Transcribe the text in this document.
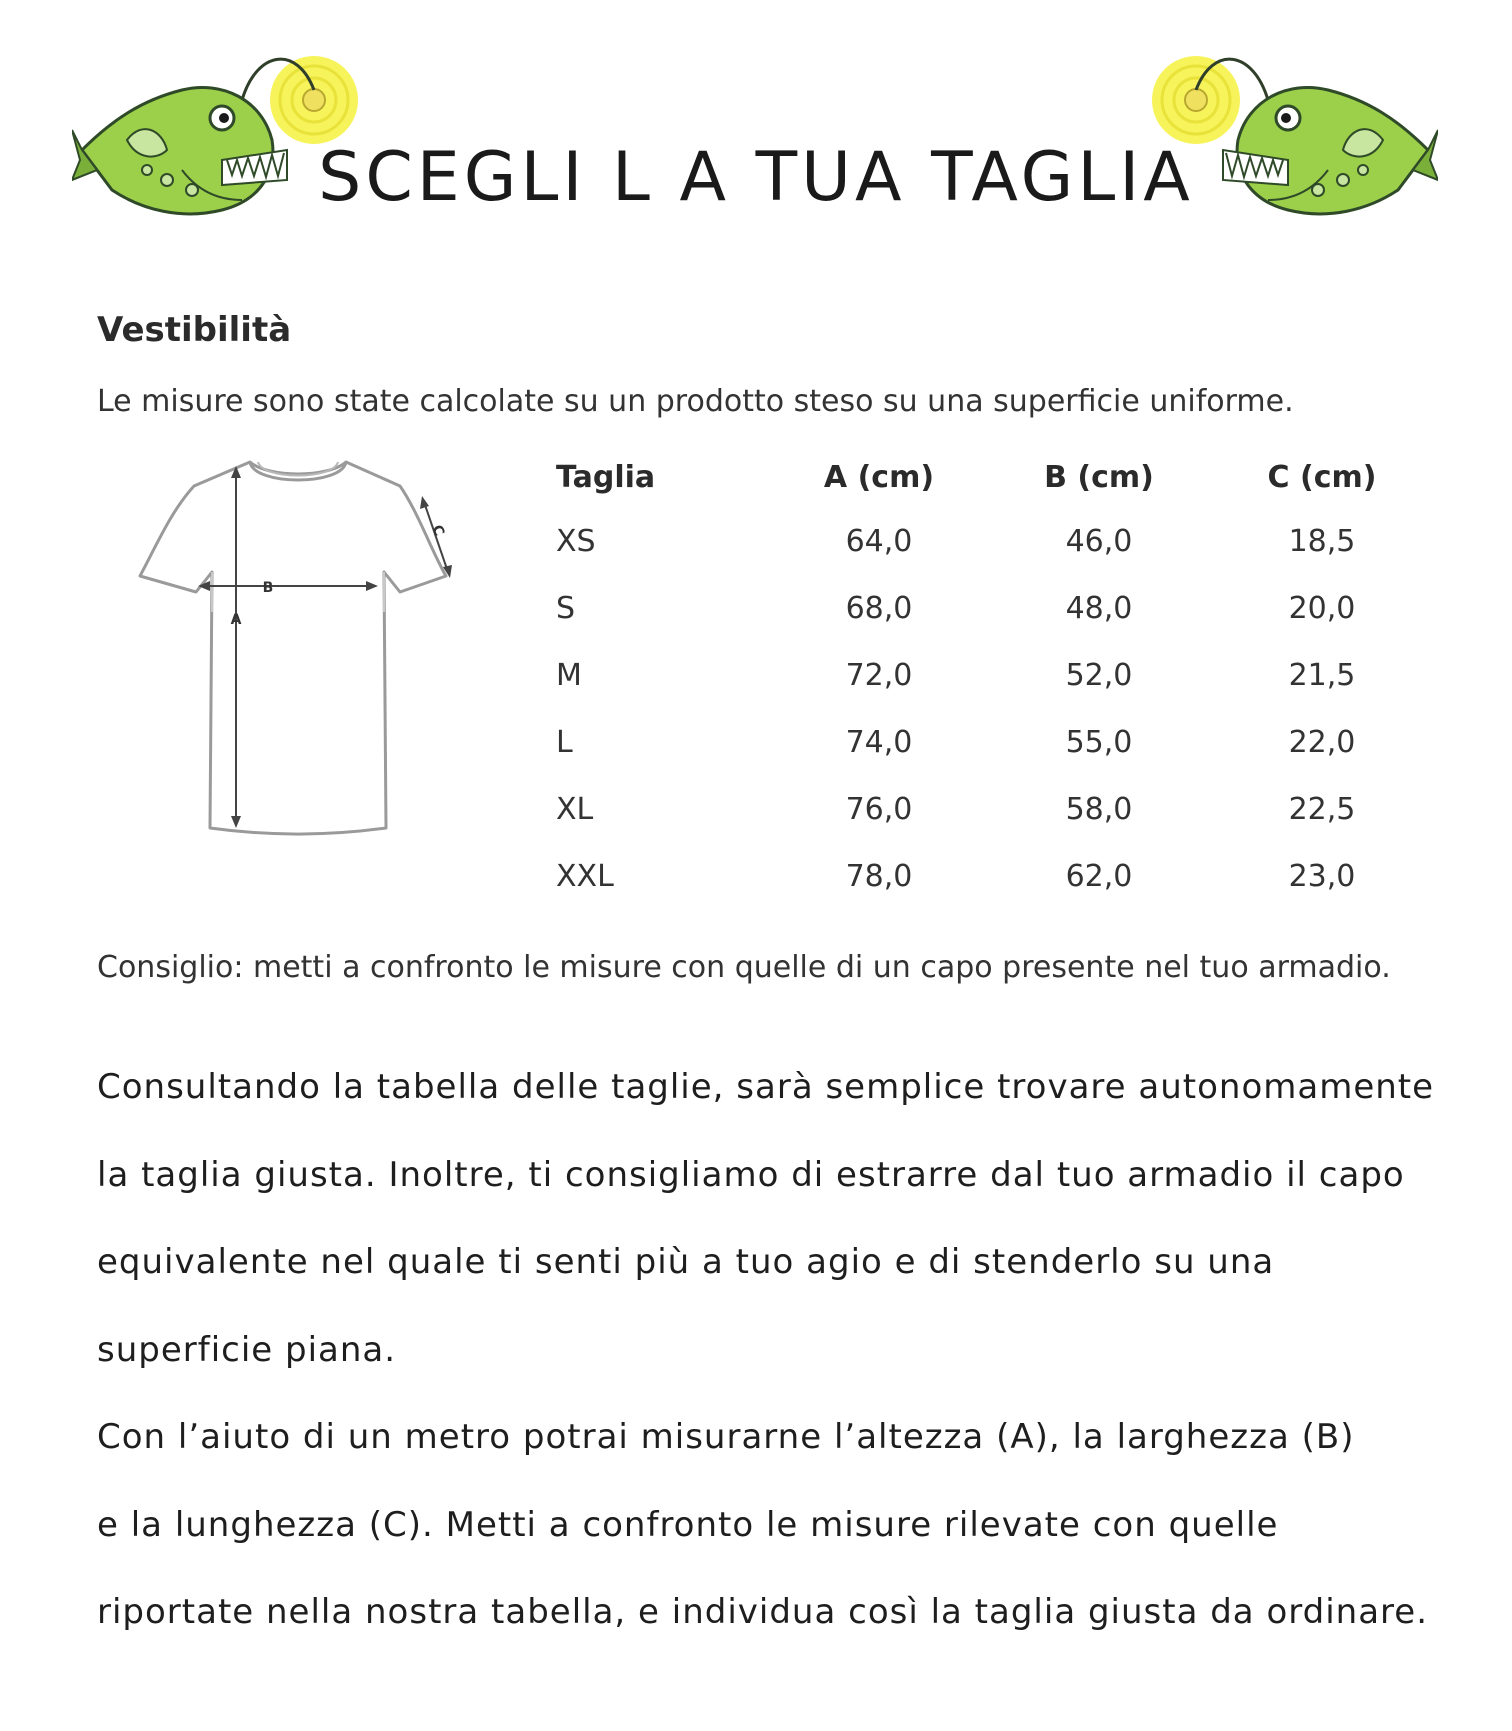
SCEGLI L A TUA TAGLIA
Vestibilità
Le misure sono state calcolate su un prodotto steso su una superficie uniforme.
A
B
C
Taglia	A (cm)	B (cm)	C (cm)
XS	64,0	46,0	18,5
S	68,0	48,0	20,0
M	72,0	52,0	21,5
L	74,0	55,0	22,0
XL	76,0	58,0	22,5
XXL	78,0	62,0	23,0
Consiglio: metti a confronto le misure con quelle di un capo presente nel tuo armadio.
Consultando la tabella delle taglie, sarà semplice trovare autonomamente
la taglia giusta. Inoltre, ti consigliamo di estrarre dal tuo armadio il capo
equivalente nel quale ti senti più a tuo agio e di stenderlo su una
superficie piana.
Con l’aiuto di un metro potrai misurarne l’altezza (A), la larghezza (B)
e la lunghezza (C). Metti a confronto le misure rilevate con quelle
riportate nella nostra tabella, e individua così la taglia giusta da ordinare.
